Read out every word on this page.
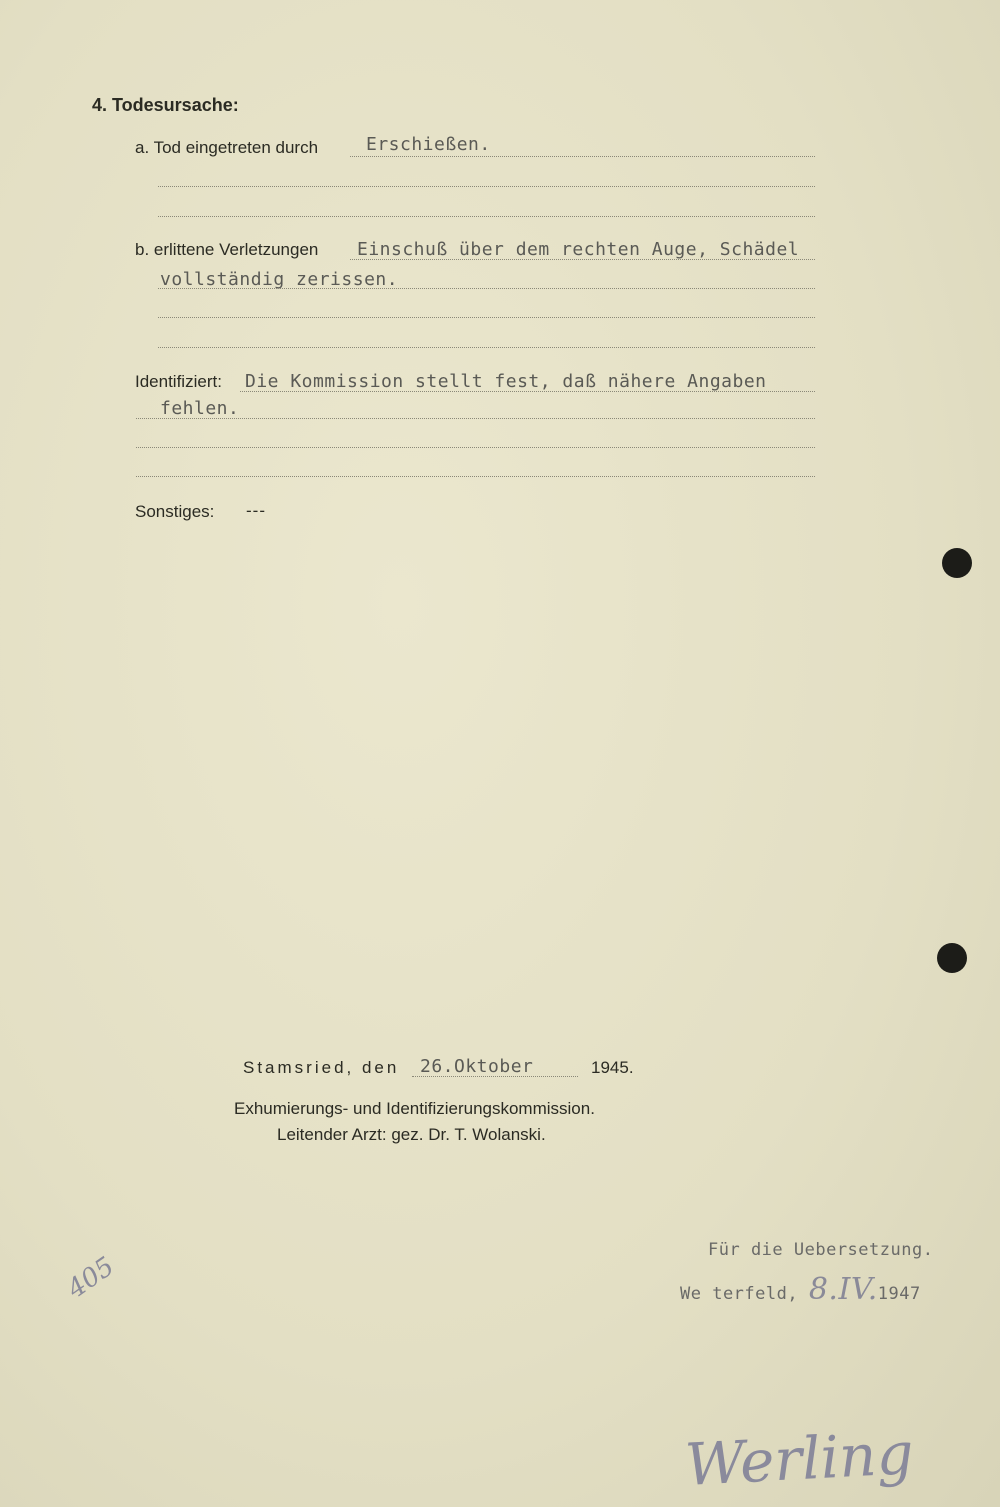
4. Todesursache:
a. Tod eingetreten durch	Erschießen.
b. erlittene Verletzungen Einschuß über dem rechten Auge, Schädel
vollständig zerissen.
Identifiziert: Die Kommission stellt fest, daß nähere Angaben
fehlen.
Sonstiges: ---
Stamsried, den 26.Oktober	1945.
Exhumierungs- und Identifizierungskommission.
Leitender Arzt: gez. Dr. T. Wolanski.
Für die Uebersetzung.
We terfeld, 8.IV.1947
405
Werling
